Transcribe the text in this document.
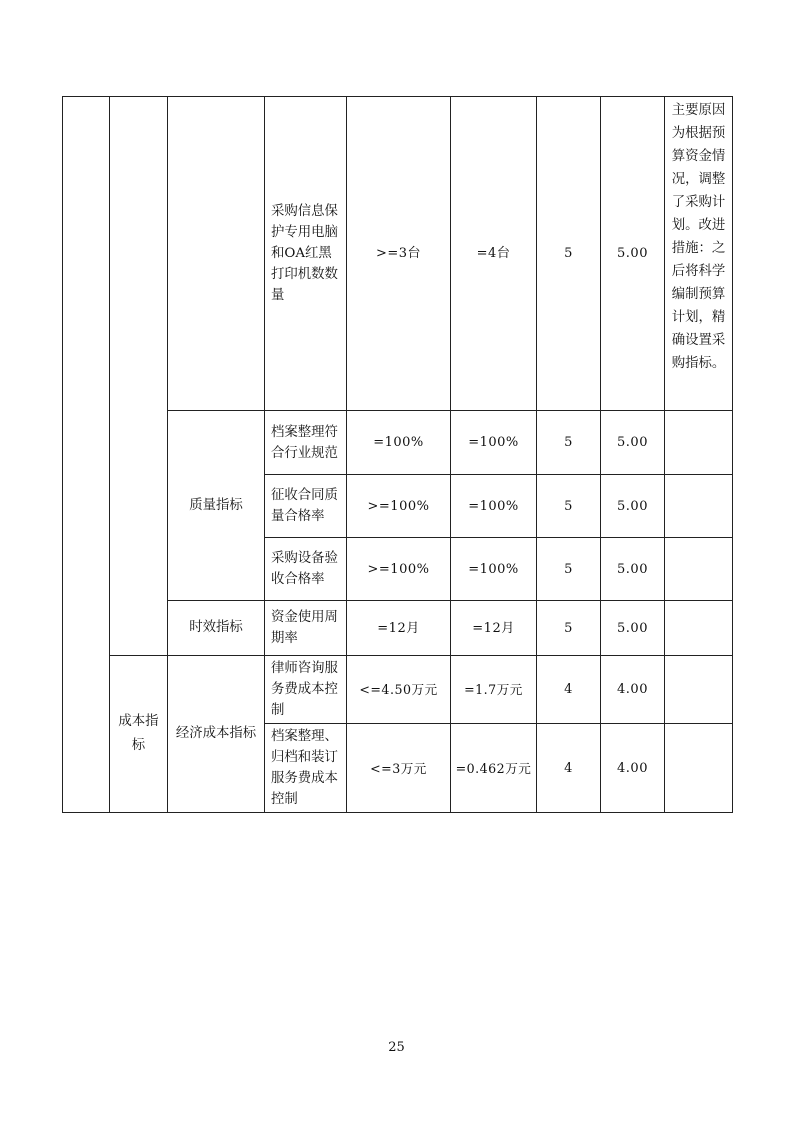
			采购信息保护专用电脑和OA红黑打印机数数量	>=3台	=4台	5	5.00	主要原因为根据预算资金情况，调整了采购计划。改进措施：之后将科学编制预算计划，精确设置采购指标。
		质量指标	档案整理符合行业规范	=100%	=100%	5	5.00	
			征收合同质量合格率	>=100%	=100%	5	5.00	
			采购设备验收合格率	>=100%	=100%	5	5.00	
		时效指标	资金使用周期率	=12月	=12月	5	5.00	
	成本指标	经济成本指标	律师咨询服务费成本控制	<=4.50万元	=1.7万元	4	4.00	
			档案整理、归档和装订服务费成本控制	<=3万元	=0.462万元	4	4.00	
25
